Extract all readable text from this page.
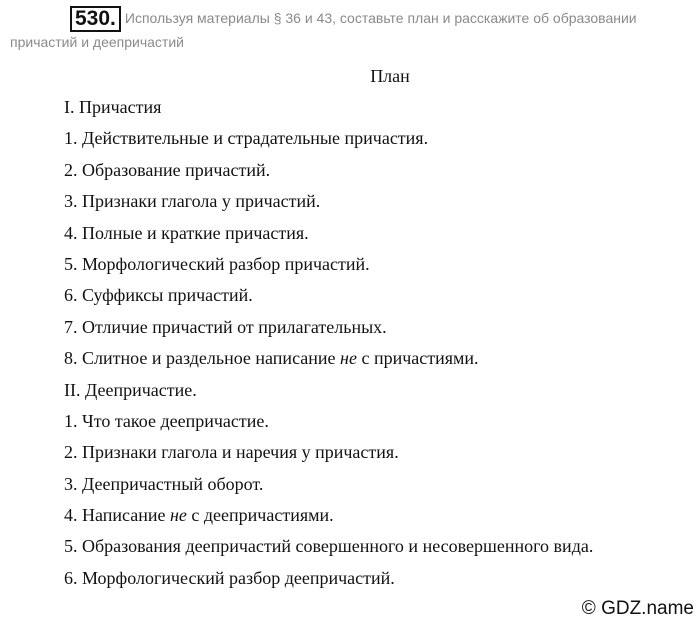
530. Используя материалы § 36 и 43, составьте план и расскажите об образовании причастий и деепричастий
План
I. Причастия
1. Действительные и страдательные причастия.
2. Образование причастий.
3. Признаки глагола у причастий.
4. Полные и краткие причастия.
5. Морфологический разбор причастий.
6. Суффиксы причастий.
7. Отличие причастий от прилагательных.
8. Слитное и раздельное написание не с причастиями.
II. Деепричастие.
1. Что такое деепричастие.
2. Признаки глагола и наречия у причастия.
3. Деепричастный оборот.
4. Написание не с деепричастиями.
5. Образования деепричастий совершенного и несовершенного вида.
6. Морфологический разбор деепричастий.
© GDZ.name
